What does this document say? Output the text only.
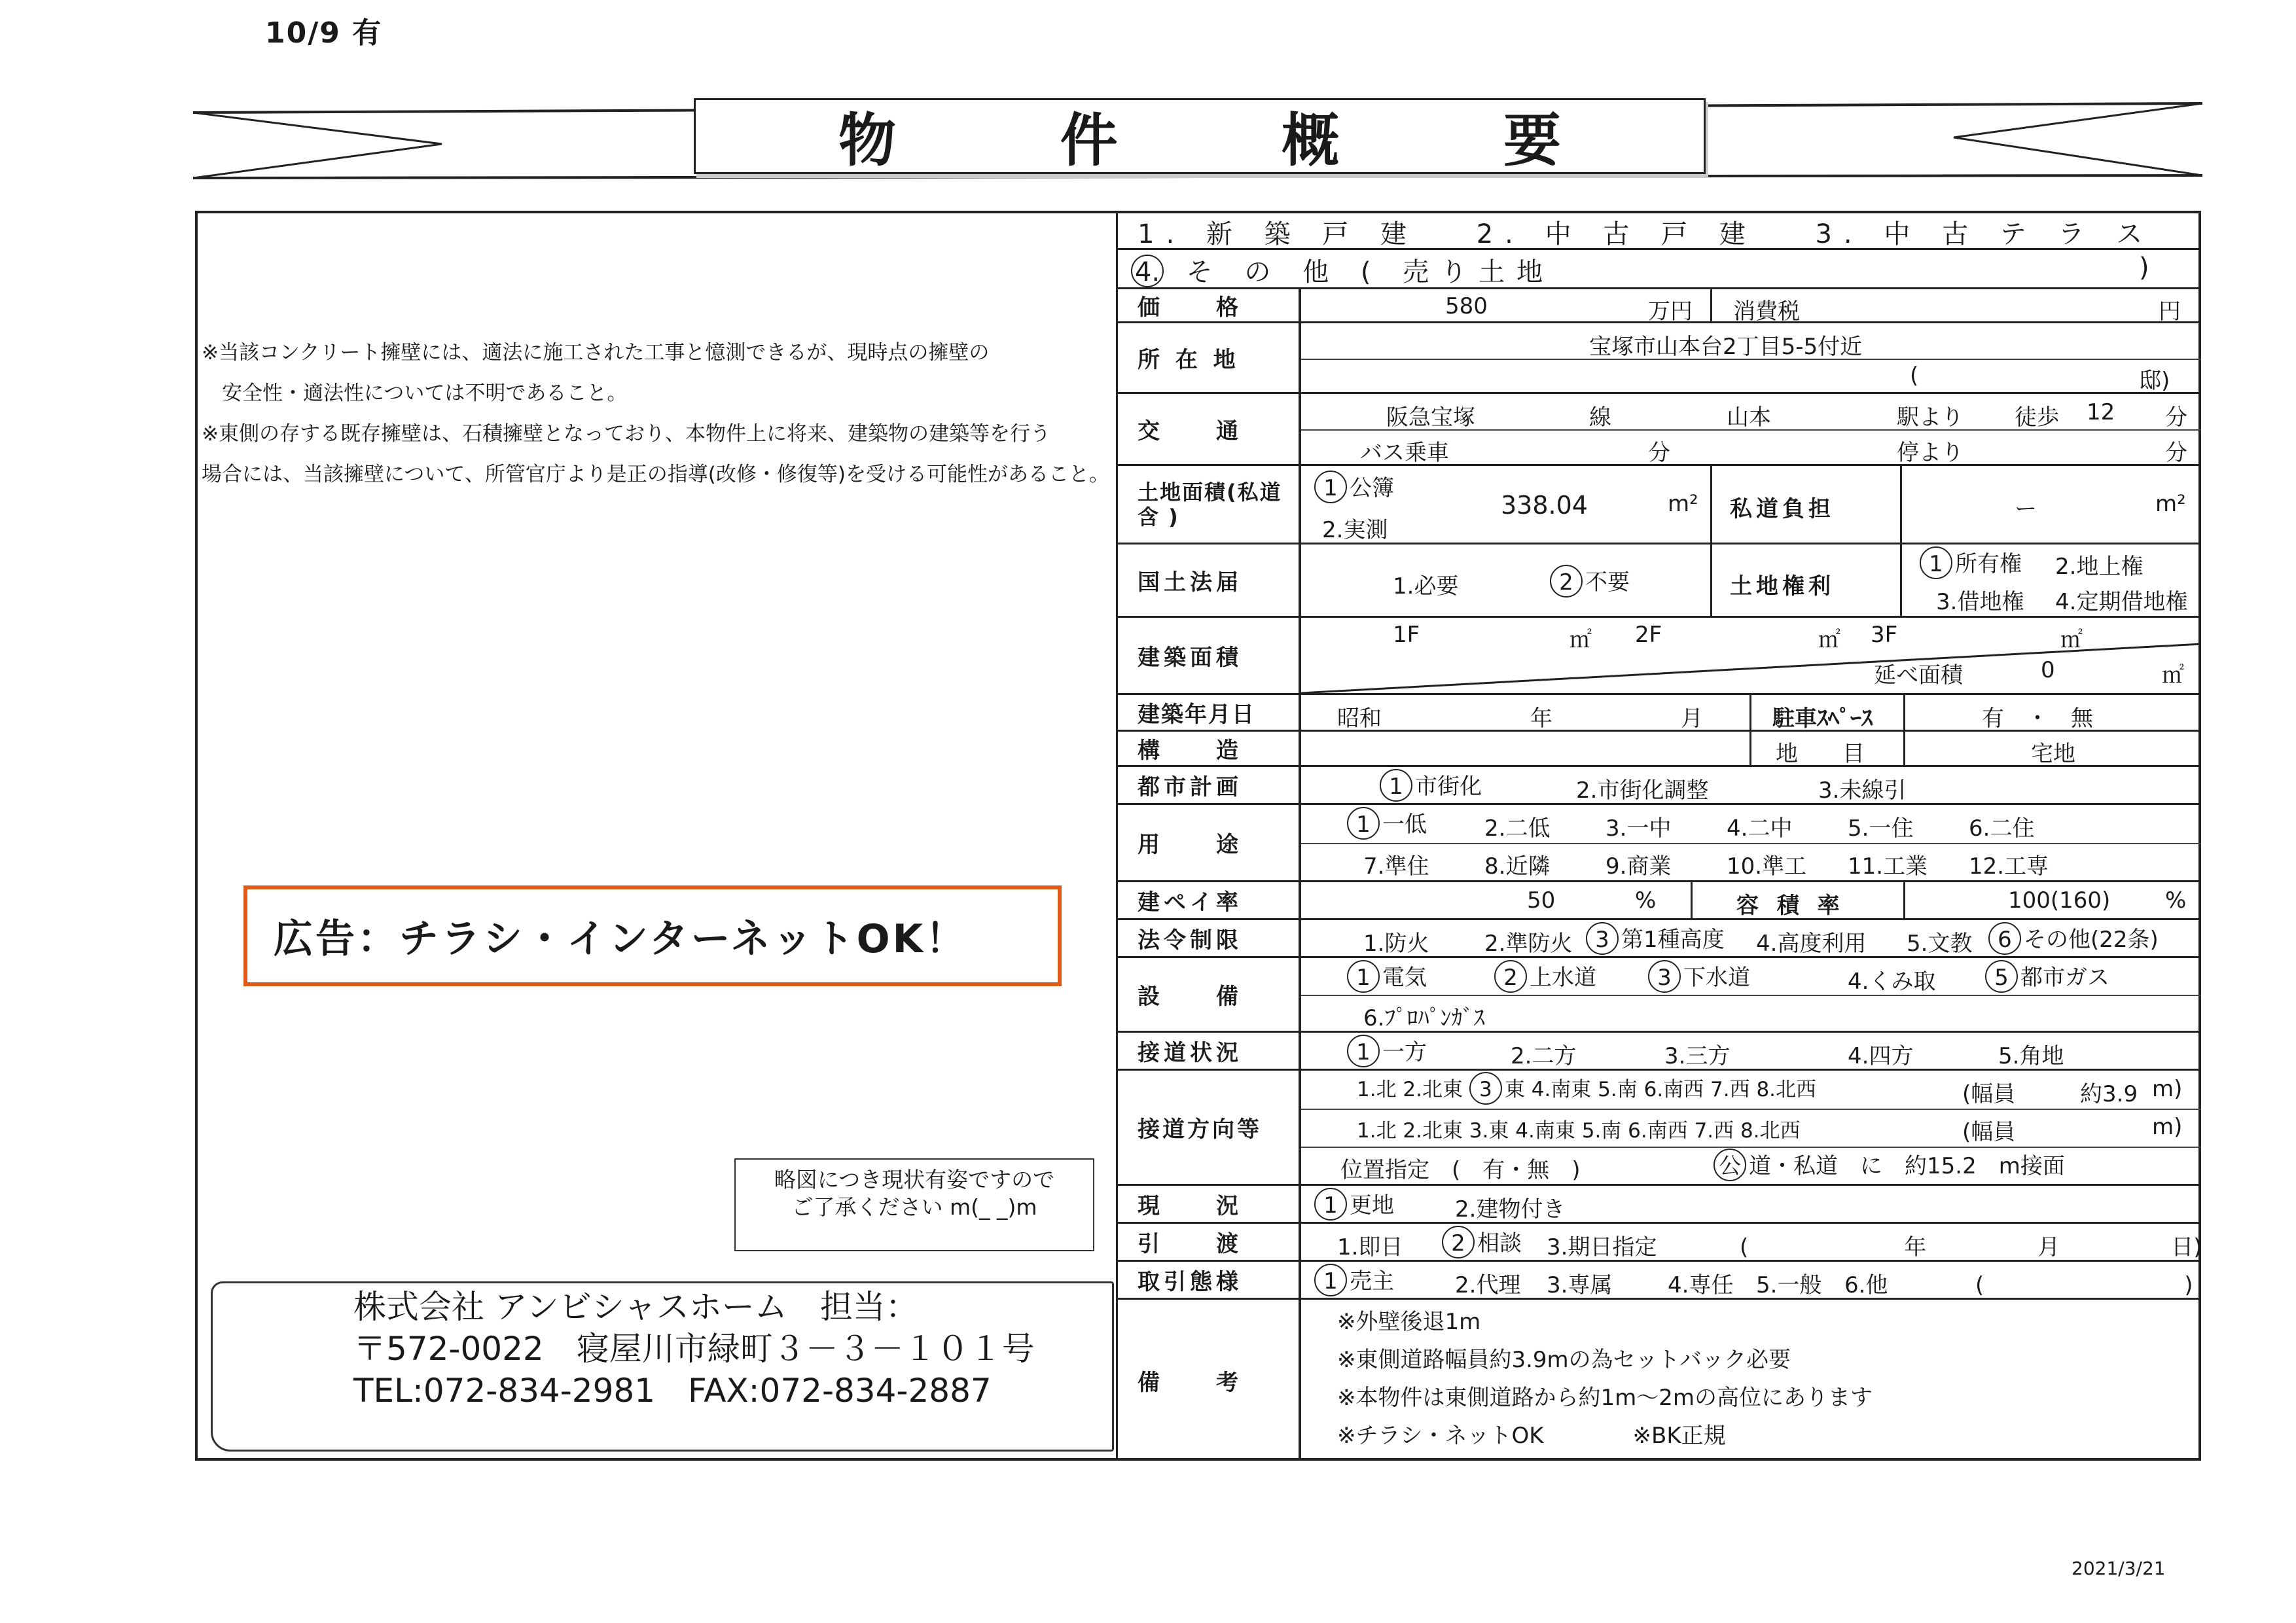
10/9 有
物 件 概 要
※当該コンクリート擁壁には、適法に施工された工事と憶測できるが、現時点の擁壁の
　安全性・適法性については不明であること。
※東側の存する既存擁壁は、石積擁壁となっており、本物件上に将来、建築物の建築等を行う
場合には、当該擁壁について、所管官庁より是正の指導(改修・修復等)を受ける可能性があること。
広告：チラシ・インターネットOK！
略図につき現状有姿ですので
ご了承ください m(_ _)m
株式会社 アンビシャスホーム　担当：
〒572-0022　寝屋川市緑町３－３－１０１号
TEL:072-834-2981　FAX:072-834-2887
2021/3/21
1. 新 築 戸 建　 2. 中 古 戸 建　 3. 中 古 テ ラ ス
4. そ の 他 ( 売り土地	)
価　　格	580	万円 消費税	円
所 在 地	宝塚市山本台2丁目5-5付近
(	邸)
交　　通
阪急宝塚	線	山本	駅より 徒歩 12 分
バス乗車	分	停より	分
土地面積(私道 含 )
1 公簿
2.実測
338.04	m² 私道負担	ー	m²
国土法届	1.必要	2 不要	土地権利
1 所有権 2.地上権
3.借地権 4.定期借地権
建築面積
1F	㎡ 2F	㎡ 3F	㎡
延べ面積	0	㎡
建築年月日	昭和	年	月	駐車ｽﾍﾟｰｽ	有　・　無
構　　造	地　　目	宅地
都市計画	1 市街化	2.市街化調整	3.未線引
用　　途
1 一低	2.二低 3.一中 4.二中 5.一住 6.二住
7.準住 8.近隣 9.商業 10.準工 11.工業 12.工専
建ペイ率	50	%	容 積 率	100(160) %
法令制限	1.防火 2.準防火	3 第1種高度 4.高度利用 5.文教	6 その他(22条)
設　　備
1 電気	2 上水道	3 下水道	4.くみ取	5 都市ガス
6.ﾌﾟﾛﾊﾟﾝｶﾞｽ
接道状況	1 一方	2.二方	3.三方	4.四方	5.角地
接道方向等
1.北 2.北東 3 東 4.南東 5.南 6.南西 7.西 8.北西	(幅員	約3.9 m)
1.北 2.北東 3.東 4.南東 5.南 6.南西 7.西 8.北西	(幅員	m)
位置指定　(　有・無　)	公 道・私道　に　約15.2　m接面
現　　況	1 更地	2.建物付き
引　　渡	1.即日	2 相談 3.期日指定	(　　　　　　　年　　　　　月　　　　　日)
取引態様	1 売主	2.代理 3.専属 4.専任 5.一般 6.他	(　　　　　　　　　)
備　　考
※外壁後退1m
※東側道路幅員約3.9mの為セットバック必要
※本物件は東側道路から約1m～2mの高位にあります
※チラシ・ネットOK　　　　※BK正規
